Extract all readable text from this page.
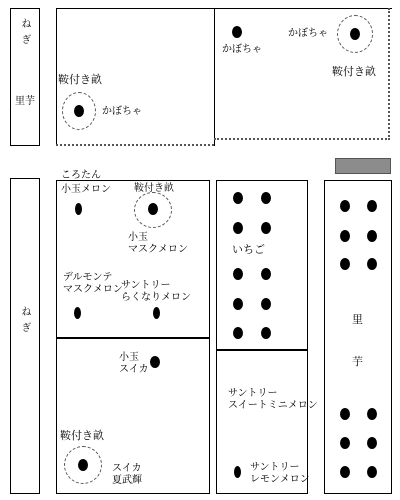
ねぎ
里芋
鞍付き畝
かぼちゃ
かぼちゃ
かぼちゃ
鞍付き畝
ねぎ
ころたん
小玉メロン 鞍付き畝
小玉
マスクメロン
デルモンテ
マスクメロン
サントリー
らくなりメロン
小玉
スイカ
鞍付き畝
スイカ
夏武輝
いちご
サントリー
スイートミニメロン
サントリー
レモンメロン
里
芋
